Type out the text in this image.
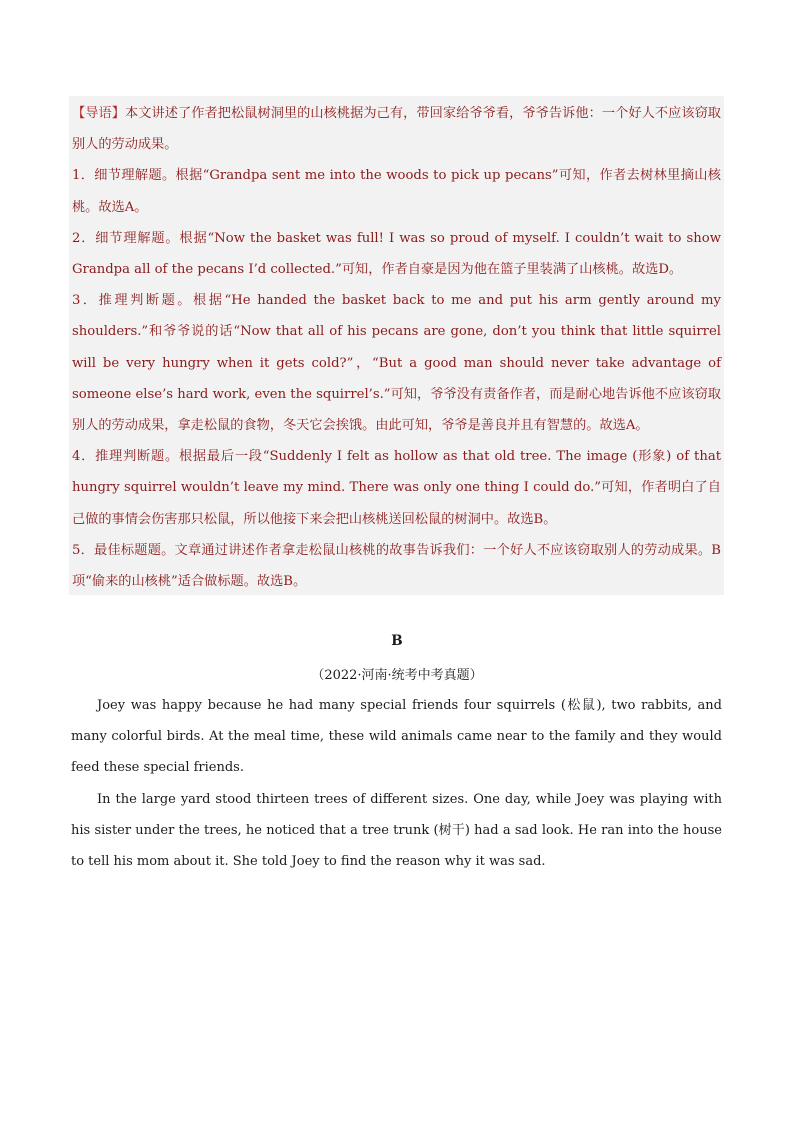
【导语】本文讲述了作者把松鼠树洞里的山核桃据为己有，带回家给爷爷看，爷爷告诉他：一个好人不应该窃取别人的劳动成果。

1．细节理解题。根据“Grandpa sent me into the woods to pick up pecans”可知，作者去树林里摘山核桃。故选A。

2．细节理解题。根据“Now the basket was full! I was so proud of myself. I couldn’t wait to show Grandpa all of the pecans I’d collected.”可知，作者自豪是因为他在篮子里装满了山核桃。故选D。

3．推理判断题。根据“He handed the basket back to me and put his arm gently around my shoulders.”和爷爷说的话“Now that all of his pecans are gone, don’t you think that little squirrel will be very hungry when it gets cold?”，“But a good man should never take advantage of someone else’s hard work, even the squirrel’s.”可知，爷爷没有责备作者，而是耐心地告诉他不应该窃取别人的劳动成果，拿走松鼠的食物，冬天它会挨饿。由此可知，爷爷是善良并且有智慧的。故选A。

4．推理判断题。根据最后一段“Suddenly I felt as hollow as that old tree. The image (形象) of that hungry squirrel wouldn’t leave my mind. There was only one thing I could do.”可知，作者明白了自己做的事情会伤害那只松鼠，所以他接下来会把山核桃送回松鼠的树洞中。故选B。

5．最佳标题题。文章通过讲述作者拿走松鼠山核桃的故事告诉我们：一个好人不应该窃取别人的劳动成果。B项“偷来的山核桃”适合做标题。故选B。

B
（2022·河南·统考中考真题）

Joey was happy because he had many special friends four squirrels (松鼠), two rabbits, and many colorful birds. At the meal time, these wild animals came near to the family and they would feed these special friends.

In the large yard stood thirteen trees of different sizes. One day, while Joey was playing with his sister under the trees, he noticed that a tree trunk (树干) had a sad look. He ran into the house to tell his mom about it. She told Joey to find the reason why it was sad.
